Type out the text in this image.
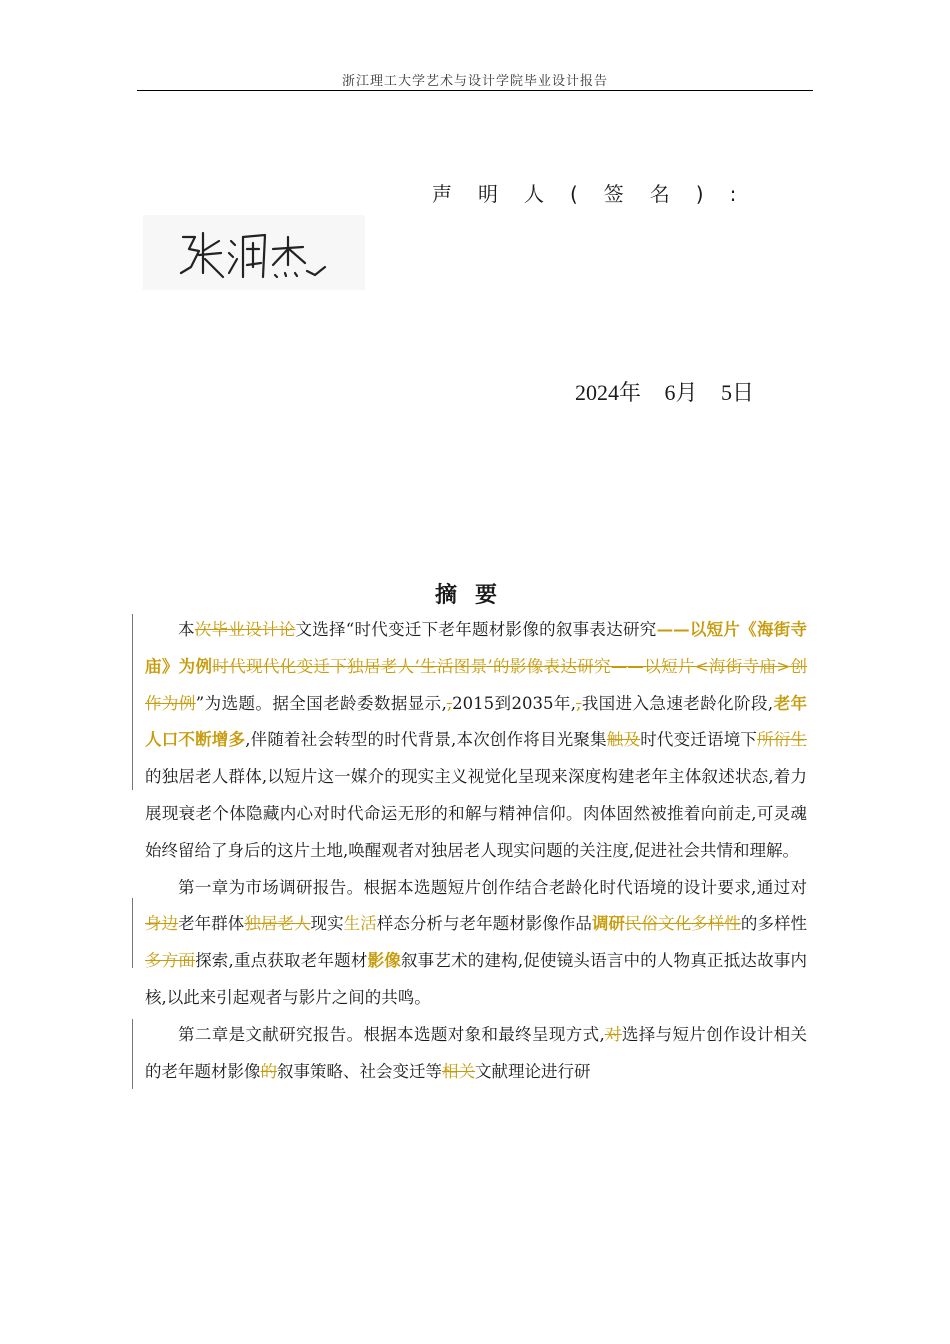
浙江理工大学艺术与设计学院毕业设计报告
声明人(签名):
2024年 6月 5日
摘要

本次毕业设计论文选择“时代变迁下老年题材影像的叙事表达研究——以短片《海街寺庙》为例时代现代化变迁下独居老人‘生活图景’的影像表达研究——以短片<海街寺庙>创作为例”为选题。据全国老龄委数据显示,,2015到2035年,,我国进入急速老龄化阶段,老年人口不断增多,伴随着社会转型的时代背景,本次创作将目光聚集触及时代变迁语境下所衍生的独居老人群体,以短片这一媒介的现实主义视觉化呈现来深度构建老年主体叙述状态,着力展现衰老个体隐藏内心对时代命运无形的和解与精神信仰。肉体固然被推着向前走,可灵魂始终留给了身后的这片土地,唤醒观者对独居老人现实问题的关注度,促进社会共情和理解。

第一章为市场调研报告。根据本选题短片创作结合老龄化时代语境的设计要求,通过对身边老年群体独居老人现实生活样态分析与老年题材影像作品调研民俗文化多样性的多样性多方面探索,重点获取老年题材影像叙事艺术的建构,促使镜头语言中的人物真正抵达故事内核,以此来引起观者与影片之间的共鸣。

第二章是文献研究报告。根据本选题对象和最终呈现方式,对选择与短片创作设计相关的老年题材影像的叙事策略、社会变迁等相关文献理论进行研
